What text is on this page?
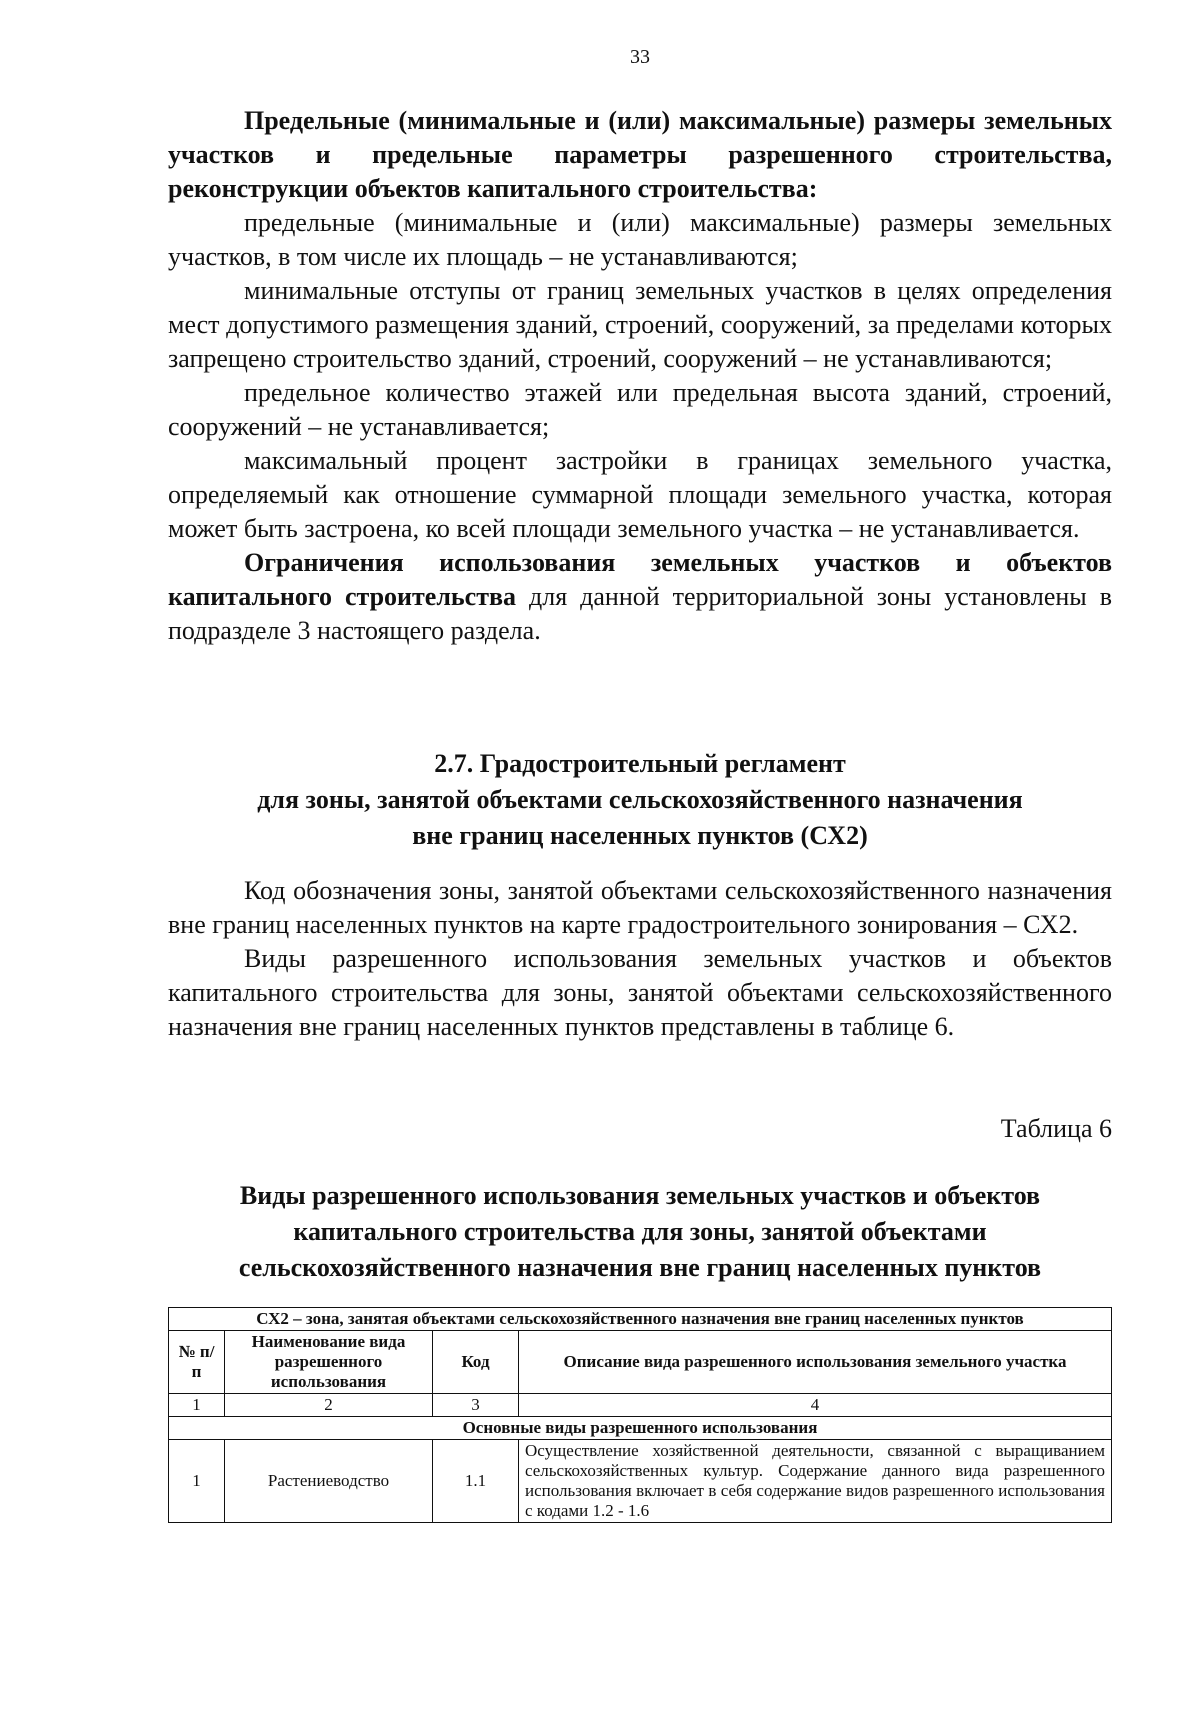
33

Предельные (минимальные и (или) максимальные) размеры земельных участков и предельные параметры разрешенного строительства, реконструкции объектов капитального строительства:

предельные (минимальные и (или) максимальные) размеры земельных участков, в том числе их площадь – не устанавливаются;

минимальные отступы от границ земельных участков в целях определения мест допустимого размещения зданий, строений, сооружений, за пределами которых запрещено строительство зданий, строений, сооружений – не устанавливаются;

предельное количество этажей или предельная высота зданий, строений, сооружений – не устанавливается;

максимальный процент застройки в границах земельного участка, определяемый как отношение суммарной площади земельного участка, которая может быть застроена, ко всей площади земельного участка – не устанавливается.

Ограничения использования земельных участков и объектов капитального строительства для данной территориальной зоны установлены в подразделе 3 настоящего раздела.

2.7. Градостроительный регламент
для зоны, занятой объектами сельскохозяйственного назначения
вне границ населенных пунктов (СХ2)

Код обозначения зоны, занятой объектами сельскохозяйственного назначения вне границ населенных пунктов на карте градостроительного зонирования – СХ2.

Виды разрешенного использования земельных участков и объектов капитального строительства для зоны, занятой объектами сельскохозяйственного назначения вне границ населенных пунктов представлены в таблице 6.

Таблица 6
Виды разрешенного использования земельных участков и объектов
капитального строительства для зоны, занятой объектами
сельскохозяйственного назначения вне границ населенных пунктов
СХ2 – зона, занятая объектами сельскохозяйственного назначения вне границ населенных пунктов			
№ п/п	Наименование вида разрешенного использования	Код	Описание вида разрешенного использования земельного участка
1	2	3	4
Основные виды разрешенного использования			
1	Растениеводство	1.1	Осуществление хозяйственной деятельности, связанной с выращиванием сельскохозяйственных культур. Содержание данного вида разрешенного использования включает в себя содержание видов разрешенного использования с кодами 1.2 - 1.6
